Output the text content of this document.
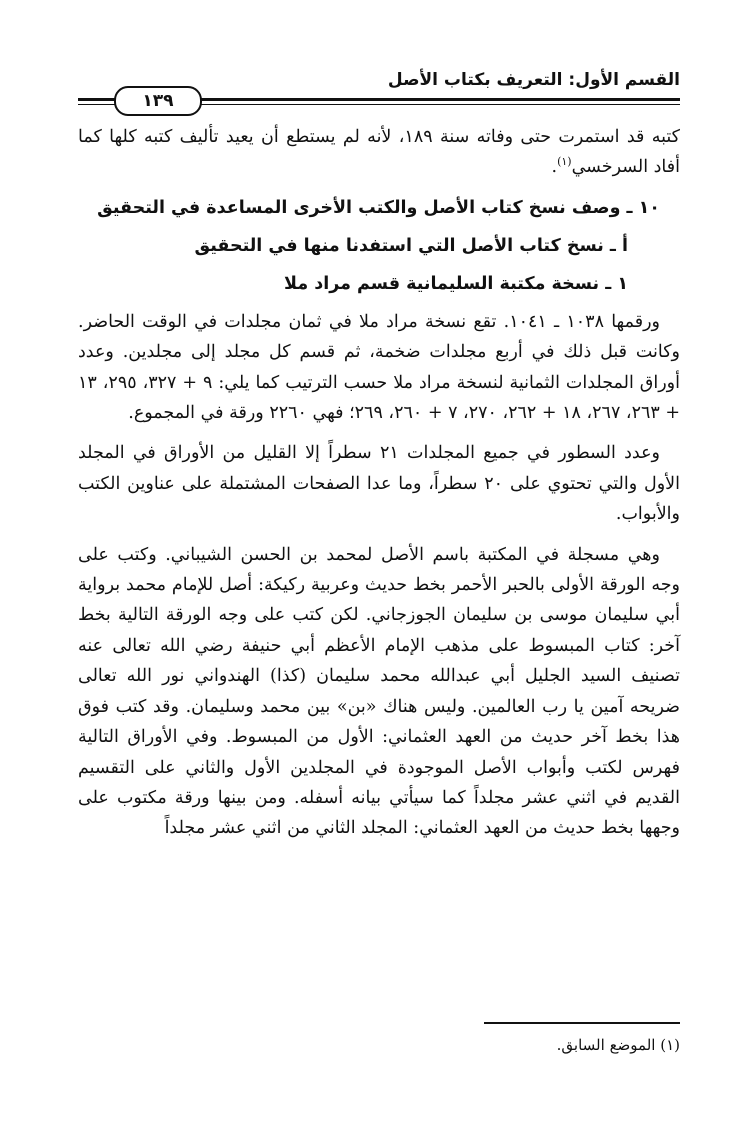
القسم الأول: التعريف بكتاب الأصل
١٣٩

كتبه قد استمرت حتى وفاته سنة ١٨٩، لأنه لم يستطع أن يعيد تأليف كتبه كلها كما أفاد السرخسي$^{(١)}$.

١٠ ـ وصف نسخ كتاب الأصل والكتب الأخرى المساعدة في التحقيق
أ ـ نسخ كتاب الأصل التي استفدنا منها في التحقيق
١ ـ نسخة مكتبة السليمانية قسم مراد ملا

ورقمها ١٠٣٨ ـ ١٠٤١. تقع نسخة مراد ملا في ثمان مجلدات في الوقت الحاضر. وكانت قبل ذلك في أربع مجلدات ضخمة، ثم قسم كل مجلد إلى مجلدين. وعدد أوراق المجلدات الثمانية لنسخة مراد ملا حسب الترتيب كما يلي: ٩ + ٣٢٧، ٢٩٥، ١٣ + ٢٦٣، ٢٦٧، ١٨ + ٢٦٢، ٢٧٠، ٧ + ٢٦٠، ٢٦٩؛ فهي ٢٢٦٠ ورقة في المجموع.

وعدد السطور في جميع المجلدات ٢١ سطراً إلا القليل من الأوراق في المجلد الأول والتي تحتوي على ٢٠ سطراً، وما عدا الصفحات المشتملة على عناوين الكتب والأبواب.

وهي مسجلة في المكتبة باسم الأصل لمحمد بن الحسن الشيباني. وكتب على وجه الورقة الأولى بالحبر الأحمر بخط حديث وعربية ركيكة: أصل للإمام محمد برواية أبي سليمان موسى بن سليمان الجوزجاني. لكن كتب على وجه الورقة التالية بخط آخر: كتاب المبسوط على مذهب الإمام الأعظم أبي حنيفة رضي الله تعالى عنه تصنيف السيد الجليل أبي عبدالله محمد سليمان (كذا) الهندواني نور الله تعالى ضريحه آمين يا رب العالمين. وليس هناك «بن» بين محمد وسليمان. وقد كتب فوق هذا بخط آخر حديث من العهد العثماني: الأول من المبسوط. وفي الأوراق التالية فهرس لكتب وأبواب الأصل الموجودة في المجلدين الأول والثاني على التقسيم القديم في اثني عشر مجلداً كما سيأتي بيانه أسفله. ومن بينها ورقة مكتوب على وجهها بخط حديث من العهد العثماني: المجلد الثاني من اثني عشر مجلداً

(١) الموضع السابق.
